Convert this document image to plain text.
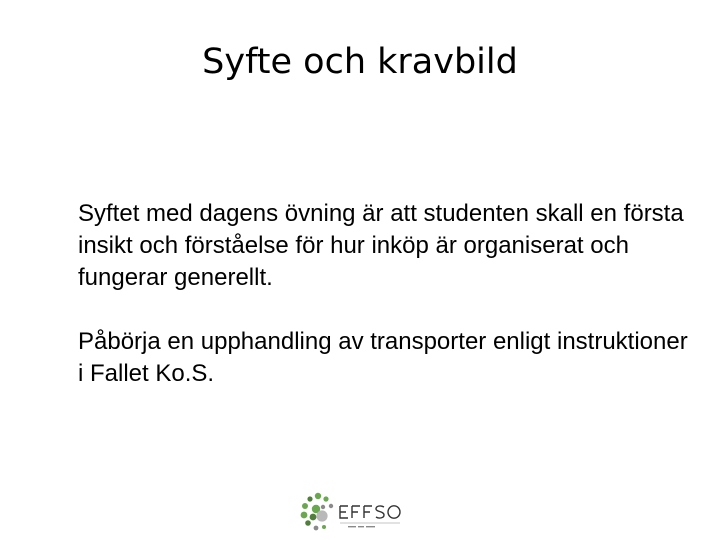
Syfte och kravbild

Syftet med dagens övning är att studenten skall en första insikt och förståelse för hur inköp är organiserat och fungerar generellt.

Påbörja en upphandling av transporter enligt instruktioner i Fallet Ko.S.
